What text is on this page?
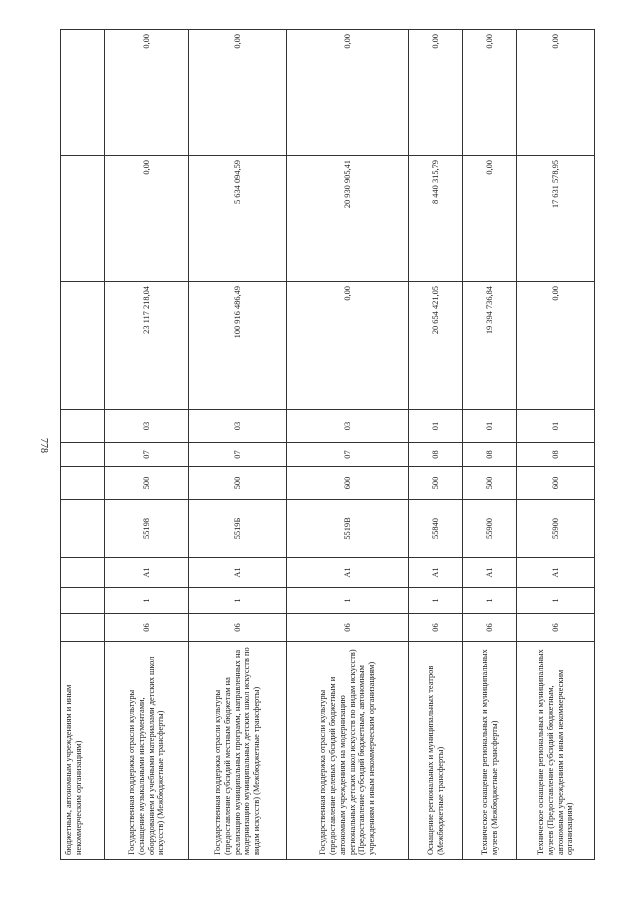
778
бюджетным, автономным учреждениям и иным некоммерческим организациям)										
Государственная поддержка отрасли культуры (оснащение музыкальными инструментами, оборудованием и учебными материалами детских школ искусств) (Межбюджетные трансферты)	06	1	А1	55198	500	07	03	23 117 218,04	0,00	0,00
Государственная поддержка отрасли культуры (предоставление субсидий местным бюджетам на реализацию муниципальных программ, направленных на модернизацию муниципальных детских школ искусств по видам искусств) (Межбюджетные трансферты)	06	1	А1	5519Б	500	07	03	100 916 486,49	5 634 094,59	0,00
Государственная поддержка отрасли культуры (предоставление целевых субсидий бюджетным и автономным учреждениям на модернизацию региональных детских школ искусств по видам искусств) (Предоставление субсидий бюджетным, автономным учреждениям и иным некоммерческим организациям)	06	1	А1	5519В	600	07	03	0,00	20 930 905,41	0,00
Оснащение региональных и муниципальных театров (Межбюджетные трансферты)	06	1	А1	55840	500	08	01	20 654 421,05	8 440 315,79	0,00
Техническое оснащение региональных и муниципальных музеев (Межбюджетные трансферты)	06	1	А1	55900	500	08	01	19 394 736,84	0,00	0,00
Техническое оснащение региональных и муниципальных музеев (Предоставление субсидий бюджетным, автономным учреждениям и иным некоммерческим организациям)	06	1	А1	55900	600	08	01	0,00	17 631 578,95	0,00
